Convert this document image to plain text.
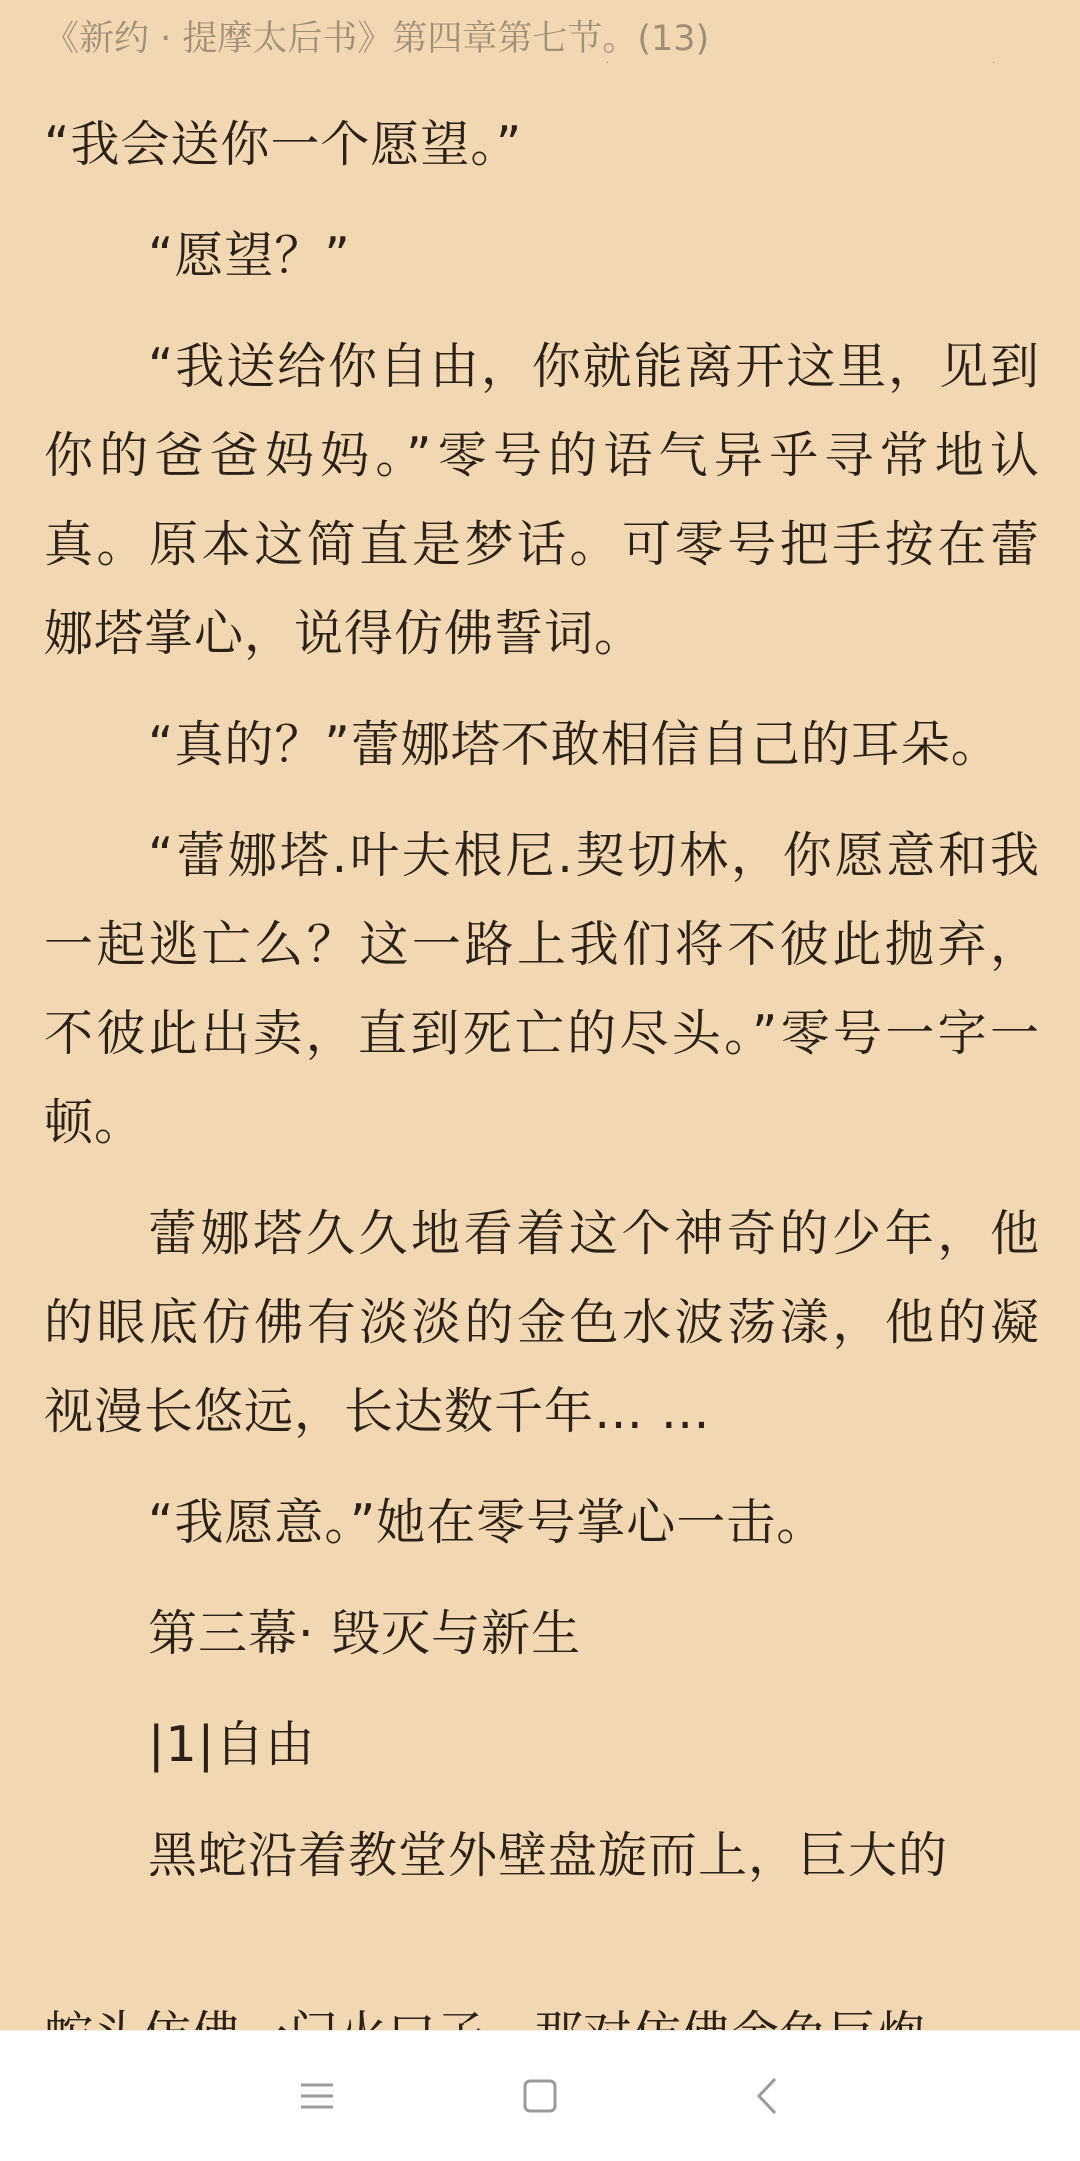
《新约 · 提摩太后书》第四章第七节。(13)
·	·

“我会送你一个愿望。”

“愿望？”

“我送给你自由，你就能离开这里，见到你的爸爸妈妈。”零号的语气异乎寻常地认真。原本这简直是梦话。可零号把手按在蕾娜塔掌心，说得仿佛誓词。

“真的？”蕾娜塔不敢相信自己的耳朵。

“蕾娜塔.叶夫根尼.契切林，你愿意和我一起逃亡么？这一路上我们将不彼此抛弃，不彼此出卖，直到死亡的尽头。”零号一字一顿。

蕾娜塔久久地看着这个神奇的少年，他的眼底仿佛有淡淡的金色水波荡漾，他的凝视漫长悠远，长达数千年… …

“我愿意。”她在零号掌心一击。

第三幕· 毁灭与新生

|1|自由

黑蛇沿着教堂外壁盘旋而上，巨大的
